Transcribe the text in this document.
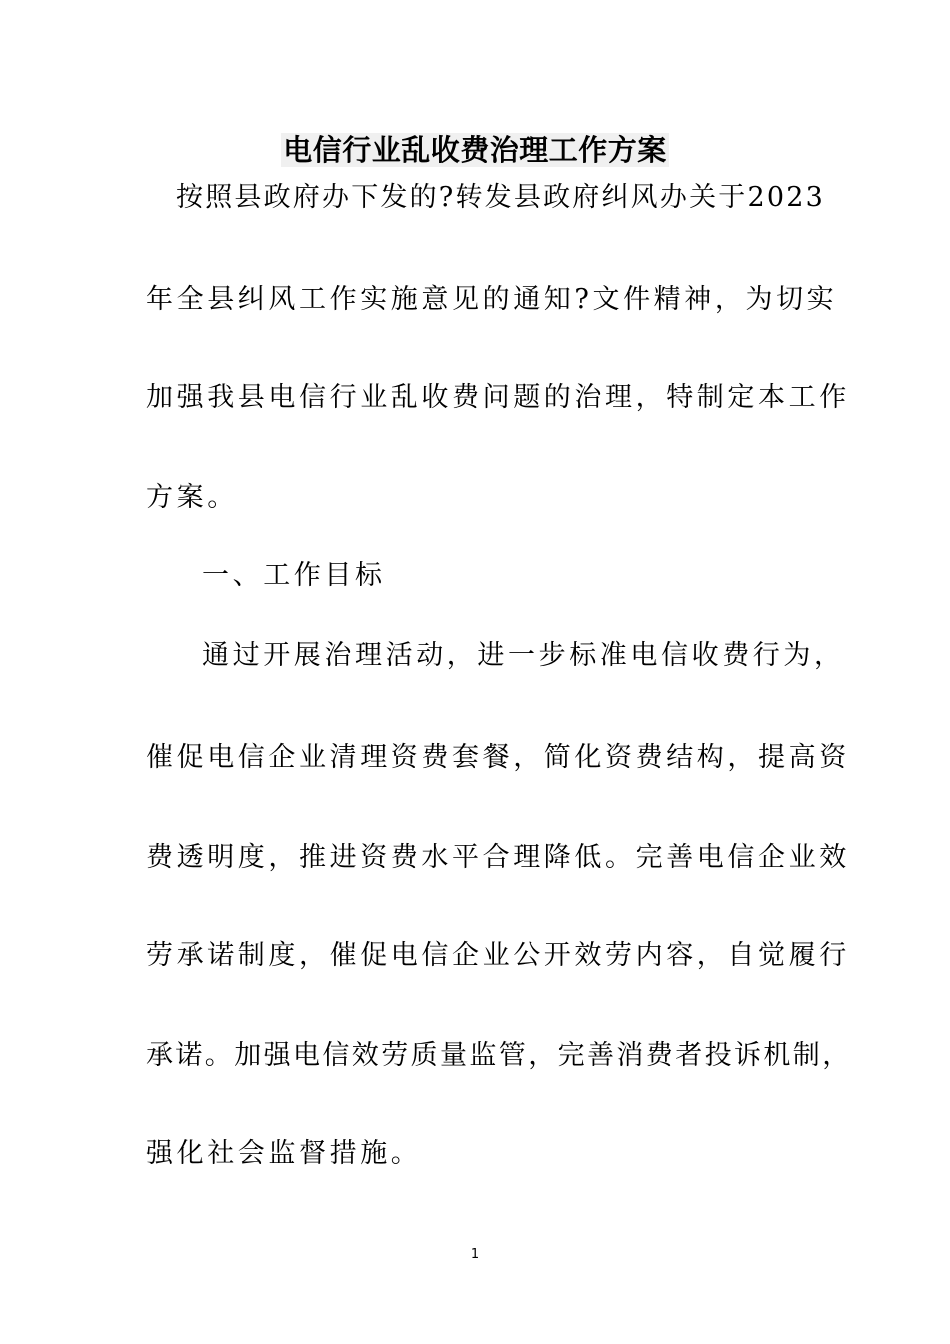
电信行业乱收费治理工作方案
按照县政府办下发的?转发县政府纠风办关于2023
年全县纠风工作实施意见的通知?文件精神，为切实
加强我县电信行业乱收费问题的治理，特制定本工作
方案。
一、工作目标
通过开展治理活动，进一步标准电信收费行为，
催促电信企业清理资费套餐，简化资费结构，提高资
费透明度，推进资费水平合理降低。完善电信企业效
劳承诺制度，催促电信企业公开效劳内容，自觉履行
承诺。加强电信效劳质量监管，完善消费者投诉机制，
强化社会监督措施。
1
